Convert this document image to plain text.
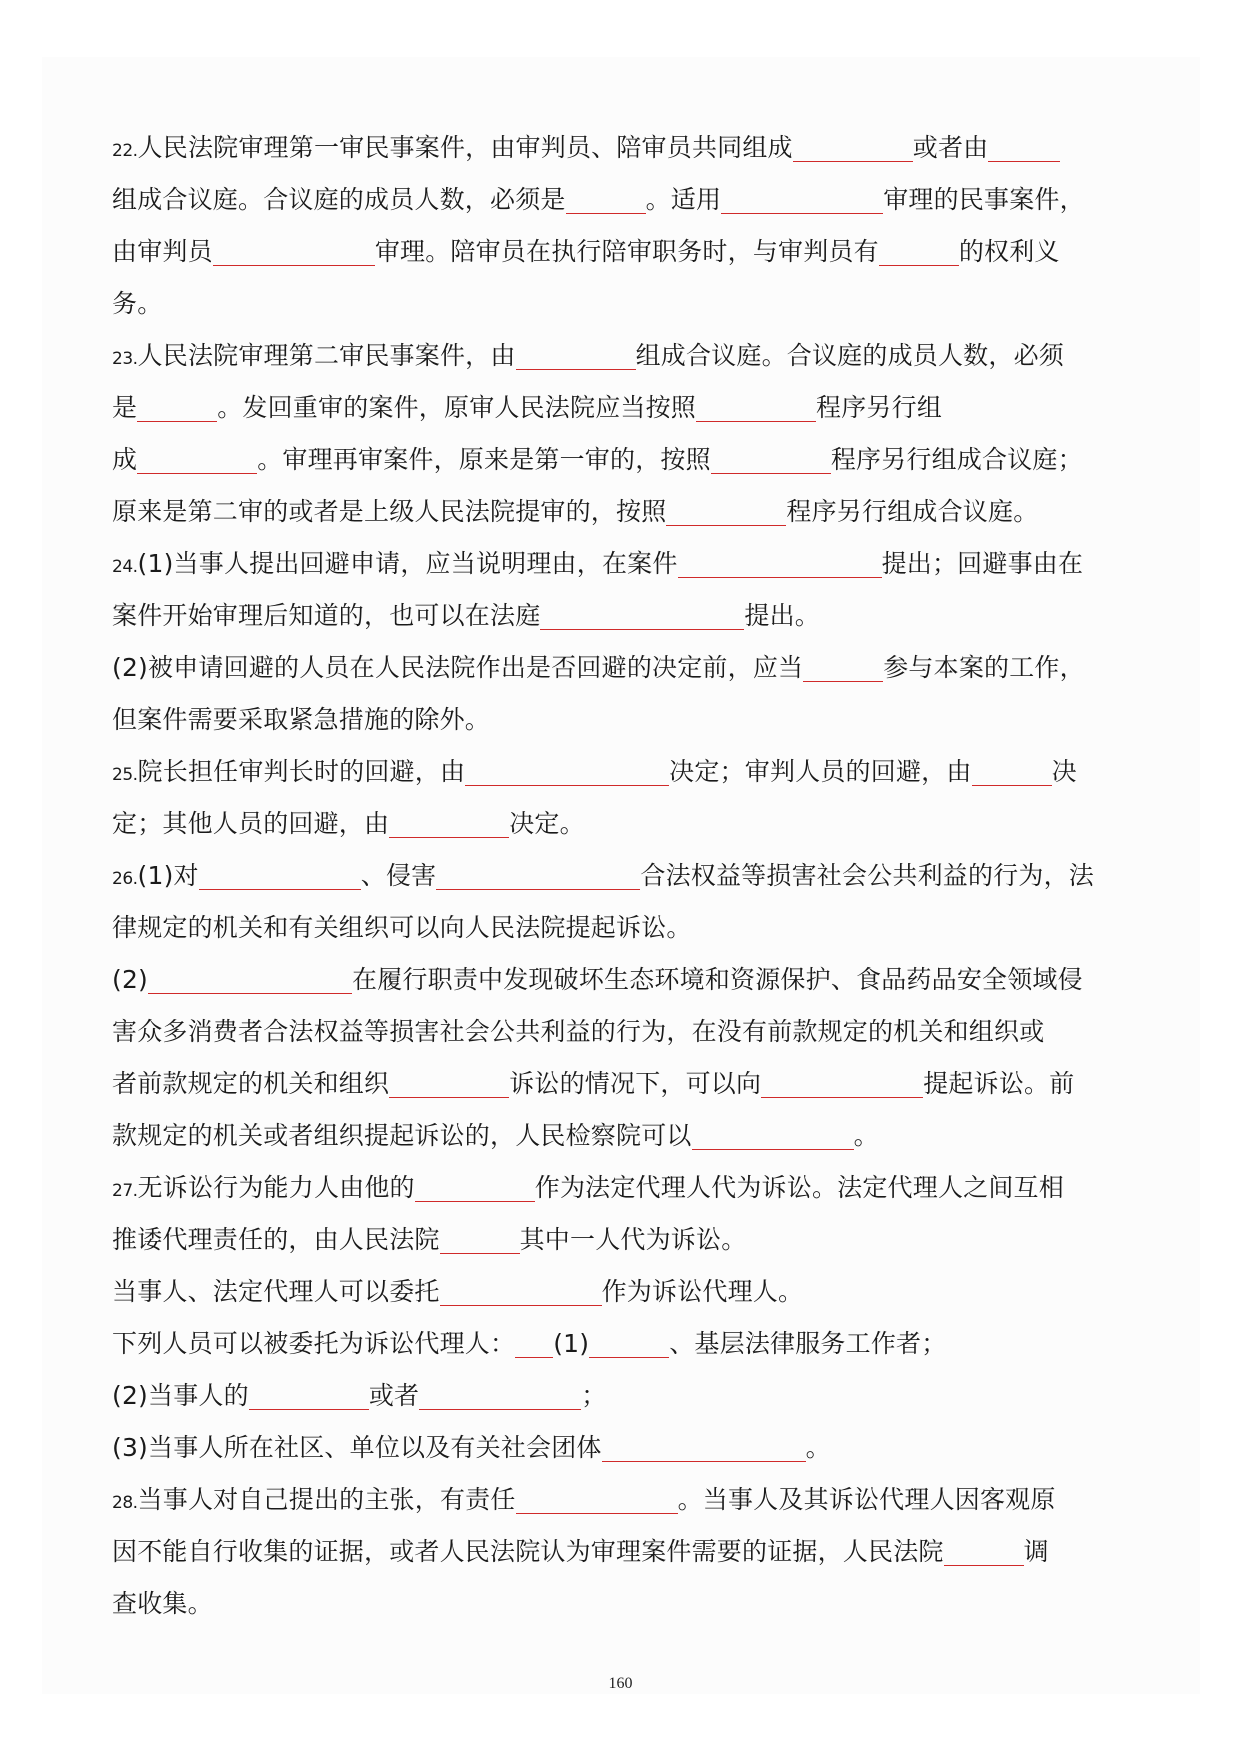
22.人民法院审理第一审民事案件，由审判员、陪审员共同组成	或者由
组成合议庭。合议庭的成员人数，必须是	。适用	审理的民事案件，
由审判员	审理。陪审员在执行陪审职务时，与审判员有	的权利义
务。
23.人民法院审理第二审民事案件，由	组成合议庭。合议庭的成员人数，必须
是	。发回重审的案件，原审人民法院应当按照	程序另行组
成	。审理再审案件，原来是第一审的，按照	程序另行组成合议庭；
原来是第二审的或者是上级人民法院提审的，按照	程序另行组成合议庭。
24.(1)当事人提出回避申请，应当说明理由，在案件	提出；回避事由在
案件开始审理后知道的，也可以在法庭	提出。
(2)被申请回避的人员在人民法院作出是否回避的决定前，应当	参与本案的工作，
但案件需要采取紧急措施的除外。
25.院长担任审判长时的回避，由	决定；审判人员的回避，由	决
定；其他人员的回避，由	决定。
26.(1)对	、侵害	合法权益等损害社会公共利益的行为，法
律规定的机关和有关组织可以向人民法院提起诉讼。
(2)	在履行职责中发现破坏生态环境和资源保护、食品药品安全领域侵
害众多消费者合法权益等损害社会公共利益的行为，在没有前款规定的机关和组织或
者前款规定的机关和组织	诉讼的情况下，可以向	提起诉讼。前
款规定的机关或者组织提起诉讼的，人民检察院可以	。
27.无诉讼行为能力人由他的	作为法定代理人代为诉讼。法定代理人之间互相
推诿代理责任的，由人民法院	其中一人代为诉讼。
当事人、法定代理人可以委托	作为诉讼代理人。
下列人员可以被委托为诉讼代理人： (1)	、基层法律服务工作者；
(2)当事人的	或者	；
(3)当事人所在社区、单位以及有关社会团体	。
28.当事人对自己提出的主张，有责任	。当事人及其诉讼代理人因客观原
因不能自行收集的证据，或者人民法院认为审理案件需要的证据，人民法院	调
查收集。
160
